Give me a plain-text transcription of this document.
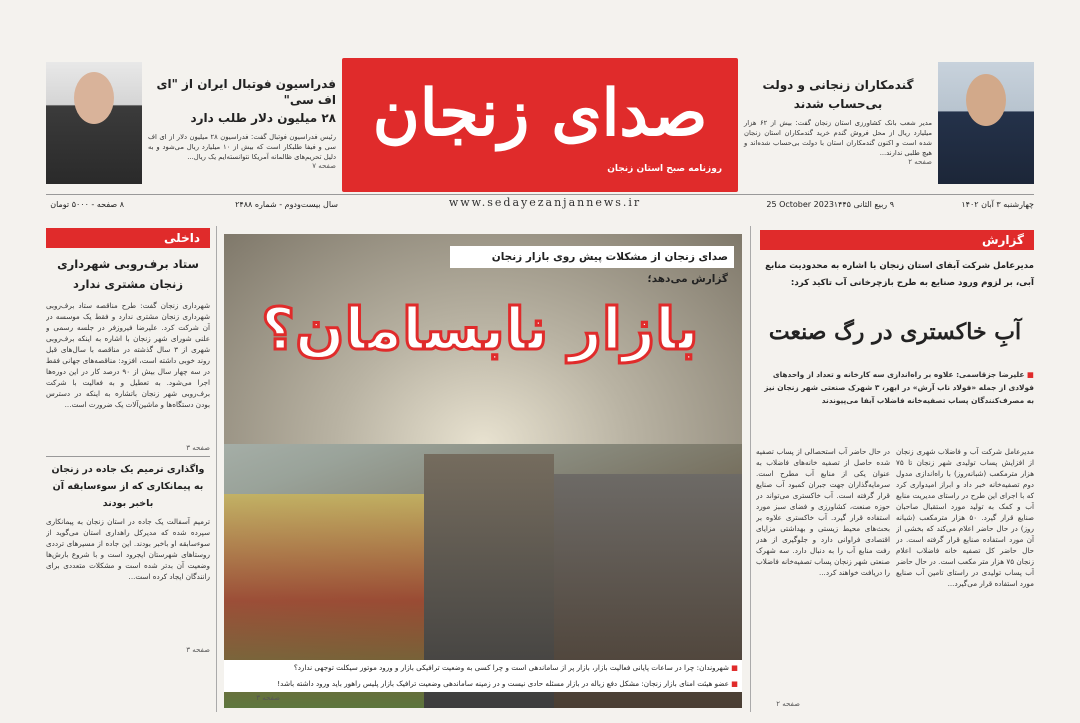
صدای زنجان
روزنامه صبح استان زنجان
www.sedayezanjannews.ir
فدراسیون فوتبال ایران از "ای اف سی"
۲۸ میلیون دلار طلب دارد
رئیس فدراسیون فوتبال گفت: فدراسیون ۲۸ میلیون دلار از ای اف سی و فیفا طلبکار است که بیش از ۱۰ میلیارد ریال می‌شود و به دلیل تحریم‌های ظالمانه آمریکا نتوانسته‌ایم یک ریال...
صفحه ۷
گندمکاران زنجانی و دولت
بی‌حساب شدند
مدیر شعب بانک کشاورزی استان زنجان گفت: بیش از ۶۲ هزار میلیارد ریال از محل فروش گندم خرید گندمکاران استان زنجان شده است و اکنون گندمکاران استان با دولت بی‌حساب شده‌اند و هیچ طلبی ندارند...
صفحه ۲
چهارشنبه ۳ آبان ۱۴۰۲
۹ ربیع الثانی ۱۴۴۵
25 October 2023
سال بیست‌ودوم - شماره ۲۴۸۸
۸ صفحه - ۵۰۰۰ تومان
داخلی
ستاد برف‌روبی شهرداری زنجان مشتری ندارد
شهرداری زنجان گفت: طرح مناقصه ستاد برف‌روبی شهرداری زنجان مشتری ندارد و فقط یک موسسه در آن شرکت کرد. علیرضا فیروزفر در جلسه رسمی و علنی شورای شهر زنجان با اشاره به اینکه برف‌روبی شهری از ۳ سال گذشته در مناقصه با سال‌های قبل روند خوبی داشته است، افزود: مناقصه‌های جهانی فقط در سه چهار سال بیش از ۹۰ درصد کار در این دوره‌ها اجرا می‌شود. به تعطیل و به فعالیت با شرکت برف‌روبی شهر زنجان باتشاره به اینکه در دسترس بودن دستگاه‌ها و ماشین‌آلات یک ضرورت است...
صفحه ۳
واگذاری ترمیم یک جاده در زنجان به پیمانکاری که از سوءسابقه آن باخبر بودند
ترمیم آسفالت یک جاده در استان زنجان به پیمانکاری سپرده شده که مدیرکل راهداری استان می‌گوید از سوءسابقه او باخبر بودند. این جاده از مسیرهای ترددی روستاهای شهرستان ایجرود است و با شروع بارش‌ها وضعیت آن بدتر شده است و مشکلات متعددی برای رانندگان ایجاد کرده است...
صفحه ۳
صدای زنجان از مشکلات پیش روی بازار زنجان گزارش می‌دهد؛
بازار نابسامان؟
■ شهروندان: چرا در ساعات پایانی فعالیت بازار، بازار پر از ساماندهی است و چرا کسی به وضعیت ترافیکی بازار و ورود موتور سیکلت توجهی ندارد؟
■ عضو هیئت امنای بازار زنجان: مشکل دفع زباله در بازار مسئله حادی نیست و در زمینه ساماندهی وضعیت ترافیک بازار پلیس راهور باید ورود داشته باشد!
صفحه ۳
گزارش
مدیرعامل شرکت آبفای استان زنجان با اشاره به محدودیت منابع آبی، بر لزوم ورود صنایع به طرح بازچرخانی آب تاکید کرد:
آبِ خاکستری در رگ صنعت
■ علیرضا جزقاسمی: علاوه بر راه‌اندازی سه کارخانه و تعداد از واحدهای فولادی از جمله «فولاد ناب آرش» در ابهر، ۳ شهرک صنعتی شهر زنجان نیز به مصرف‌کنندگان پساب تصفیه‌خانه فاضلاب آبفا می‌پیوندند
مدیرعامل شرکت آب و فاضلاب شهری زنجان از افزایش پساب تولیدی شهر زنجان تا ۷۵ هزار مترمکعب (شبانه‌روز) با راه‌اندازی مدول دوم تصفیه‌خانه خبر داد و ابراز امیدواری کرد که با اجرای این طرح در راستای مدیریت منابع آب و کمک به تولید مورد استقبال صاحبان صنایع قرار گیرد. ۵۰ هزار مترمکعب (شبانه روز) در حال حاضر اعلام می‌کند که بخشی از آن مورد استفاده صنایع قرار گرفته است. در حال حاضر کل تصفیه خانه فاضلاب اعلام زنجان ۷۵ هزار متر مکعب است. در حال حاضر آب پساب تولیدی در راستای تامین آب صنایع مورد استفاده قرار می‌گیرد...
در حال حاضر آب استحصالی از پساب تصفیه شده حاصل از تصفیه خانه‌های فاضلاب به عنوان یکی از منابع آب مطرح است. سرمایه‌گذاران جهت جبران کمبود آب صنایع قرار گرفته است. آب خاکستری می‌تواند در حوزه صنعت، کشاورزی و فضای سبز مورد استفاده قرار گیرد. آب خاکستری علاوه بر بحث‌های محیط زیستی و بهداشتی مزایای اقتصادی فراوانی دارد و جلوگیری از هدر رفت منابع آب را به دنبال دارد. سه شهرک صنعتی شهر زنجان پساب تصفیه‌خانه فاضلاب را دریافت خواهند کرد...
صفحه ۲
